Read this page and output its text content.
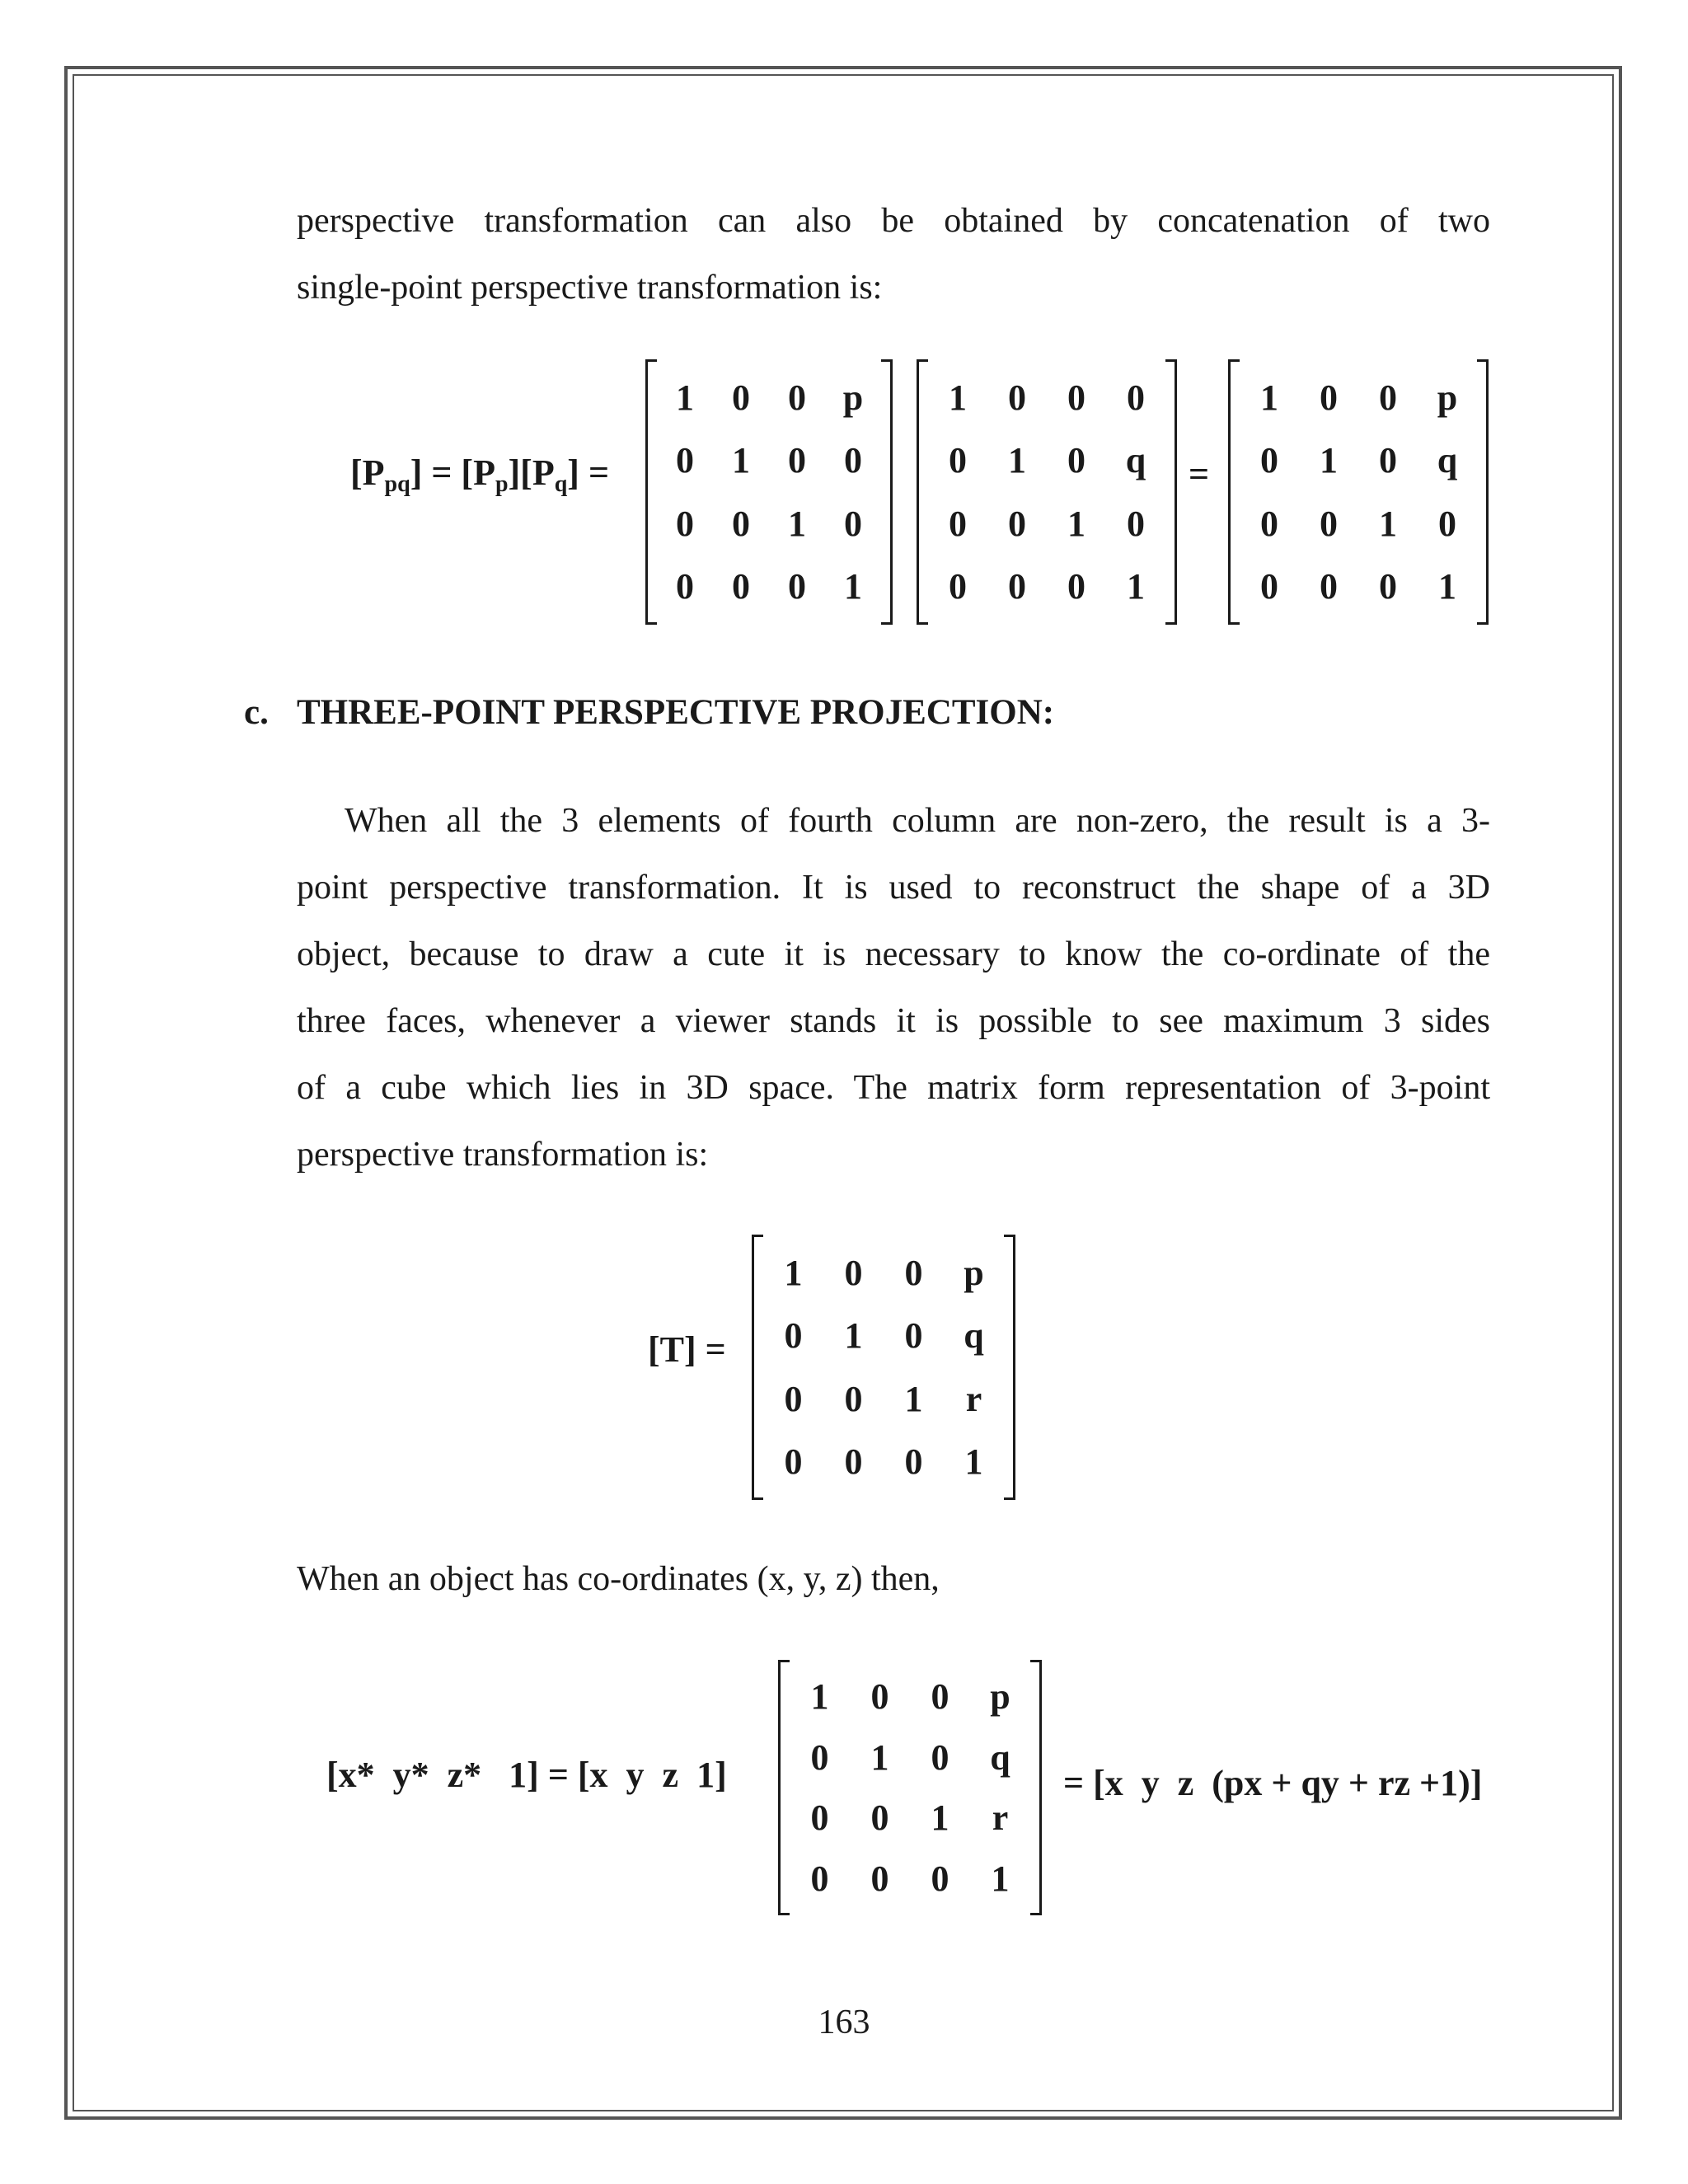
perspective transformation can also be obtained by concatenation of two

single-point perspective transformation is:

$[P_{pq}] = [P_p][P_q]$ =
1	0	0	p
0	1	0	0
0	0	1	0
0	0	0	1
1	0	0	0
0	1	0	q
0	0	1	0
0	0	0	1
=
1	0	0	p
0	1	0	q
0	0	1	0
0	0	0	1

c. THREE-POINT PERSPECTIVE PROJECTION:

When all the 3 elements of fourth column are non-zero, the result is a 3-

point perspective transformation. It is used to reconstruct the shape of a 3D

object, because to draw a cute it is necessary to know the co-ordinate of the

three faces, whenever a viewer stands it is possible to see maximum 3 sides

of a cube which lies in 3D space. The matrix form representation of 3-point

perspective transformation is:

[T] =
1	0	0	p
0	1	0	q
0	0	1	r
0	0	0	1

When an object has co-ordinates (x, y, z) then,

[x*  y*  z*   1] = [x  y  z  1]
1	0	0	p
0	1	0	q
0	0	1	r
0	0	0	1
= [x  y  z  (px + qy + rz +1)]
163
